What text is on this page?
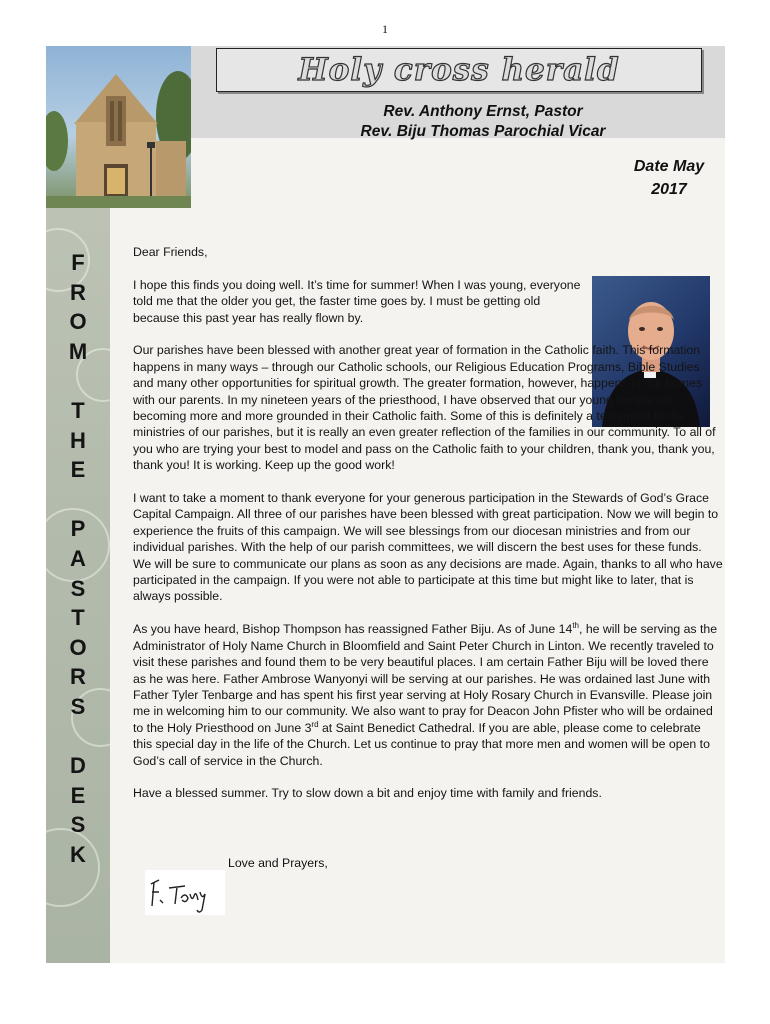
1
Holy cross herald
Rev. Anthony Ernst, Pastor
Rev. Biju Thomas Parochial Vicar
Date May
2017
F
R
O
M
T
H
E
P
A
S
T
O
R
S
D
E
S
K

Dear Friends,

I hope this finds you doing well. It’s time for summer! When I was young, everyone told me that the older you get, the faster time goes by. I must be getting old because this past year has really flown by.

Our parishes have been blessed with another great year of formation in the Catholic faith. This formation happens in many ways – through our Catholic schools, our Religious Education Programs, Bible Studies and many other opportunities for spiritual growth. The greater formation, however, happens in our homes with our parents. In my nineteen years of the priesthood, I have observed that our young people are becoming more and more grounded in their Catholic faith. Some of this is definitely a testament to the ministries of our parishes, but it is really an even greater reflection of the families in our community. To all of you who are trying your best to model and pass on the Catholic faith to your children, thank you, thank you, thank you! It is working. Keep up the good work!

I want to take a moment to thank everyone for your generous participation in the Stewards of God’s Grace Capital Campaign. All three of our parishes have been blessed with great participation. Now we will begin to experience the fruits of this campaign. We will see blessings from our diocesan ministries and from our individual parishes. With the help of our parish committees, we will discern the best uses for these funds. We will be sure to communicate our plans as soon as any decisions are made. Again, thanks to all who have participated in the campaign. If you were not able to participate at this time but might like to later, that is always possible.

As you have heard, Bishop Thompson has reassigned Father Biju. As of June 14th, he will be serving as the Administrator of Holy Name Church in Bloomfield and Saint Peter Church in Linton. We recently traveled to visit these parishes and found them to be very beautiful places. I am certain Father Biju will be loved there as he was here. Father Ambrose Wanyonyi will be serving at our parishes. He was ordained last June with Father Tyler Tenbarge and has spent his first year serving at Holy Rosary Church in Evansville. Please join me in welcoming him to our community. We also want to pray for Deacon John Pfister who will be ordained to the Holy Priesthood on June 3rd at Saint Benedict Cathedral. If you are able, please come to celebrate this special day in the life of the Church. Let us continue to pray that more men and women will be open to God’s call of service in the Church.

Have a blessed summer. Try to slow down a bit and enjoy time with family and friends.

Love and Prayers,
